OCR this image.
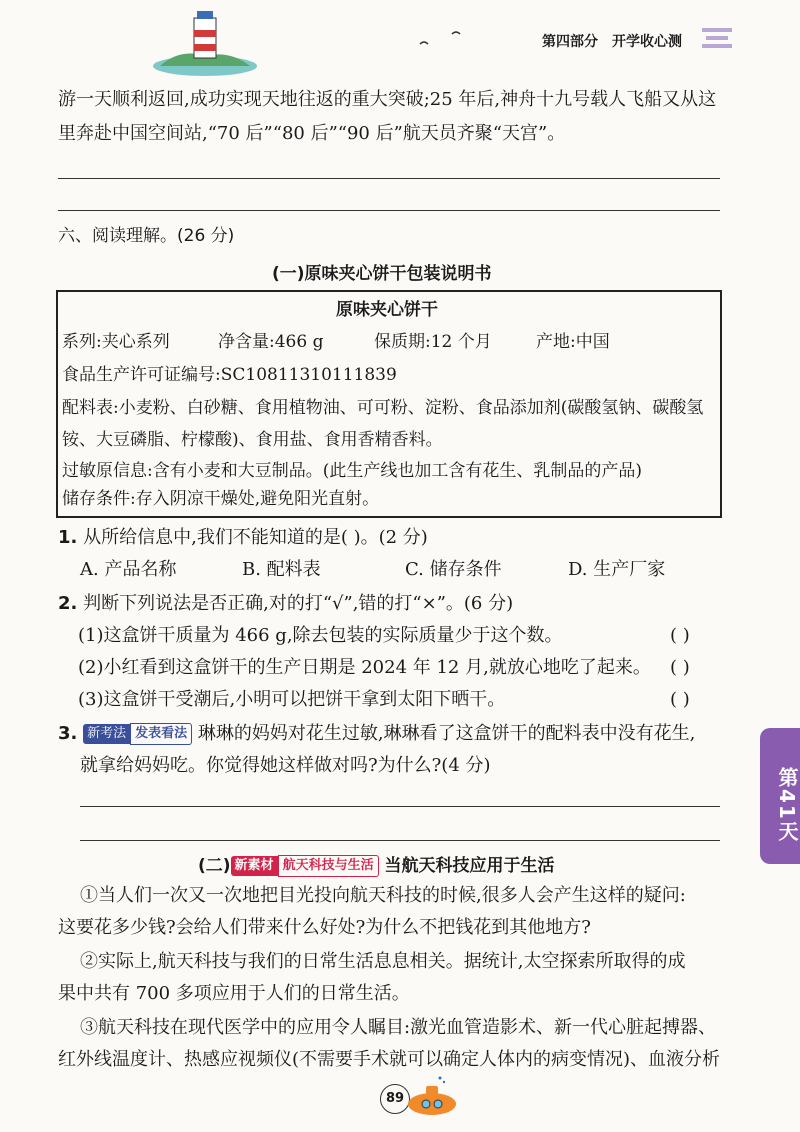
第四部分 开学收心测
游一天顺利返回,成功实现天地往返的重大突破;25 年后,神舟十九号载人飞船又从这
里奔赴中国空间站,“70 后”“80 后”“90 后”航天员齐聚“天宫”。
六、阅读理解。(26 分)
(一)原味夹心饼干包装说明书
原味夹心饼干
系列:夹心系列	净含量:466 g	保质期:12 个月	产地:中国
食品生产许可证编号:SC10811310111839
配料表:小麦粉、白砂糖、食用植物油、可可粉、淀粉、食品添加剂(碳酸氢钠、碳酸氢
铵、大豆磷脂、柠檬酸)、食用盐、食用香精香料。
过敏原信息:含有小麦和大豆制品。(此生产线也加工含有花生、乳制品的产品)
储存条件:存入阴凉干燥处,避免阳光直射。
1. 从所给信息中,我们不能知道的是( )。(2 分)
A. 产品名称	B. 配料表	C. 储存条件	D. 生产厂家
2. 判断下列说法是否正确,对的打“√”,错的打“×”。(6 分)
(1)这盒饼干质量为 466 g,除去包装的实际质量少于这个数。	( )
(2)小红看到这盒饼干的生产日期是 2024 年 12 月,就放心地吃了起来。 ( )
(3)这盒饼干受潮后,小明可以把饼干拿到太阳下晒干。	( )
3. 新考法 发表看法 琳琳的妈妈对花生过敏,琳琳看了这盒饼干的配料表中没有花生,
就拿给妈妈吃。你觉得她这样做对吗?为什么?(4 分)
(二) 新素材 航天科技与生活 当航天科技应用于生活
①当人们一次又一次地把目光投向航天科技的时候,很多人会产生这样的疑问:
这要花多少钱?会给人们带来什么好处?为什么不把钱花到其他地方?
②实际上,航天科技与我们的日常生活息息相关。据统计,太空探索所取得的成
果中共有 700 多项应用于人们的日常生活。
③航天科技在现代医学中的应用令人瞩目:激光血管造影术、新一代心脏起搏器、
红外线温度计、热感应视频仪(不需要手术就可以确定人体内的病变情况)、血液分析
第41天
89
